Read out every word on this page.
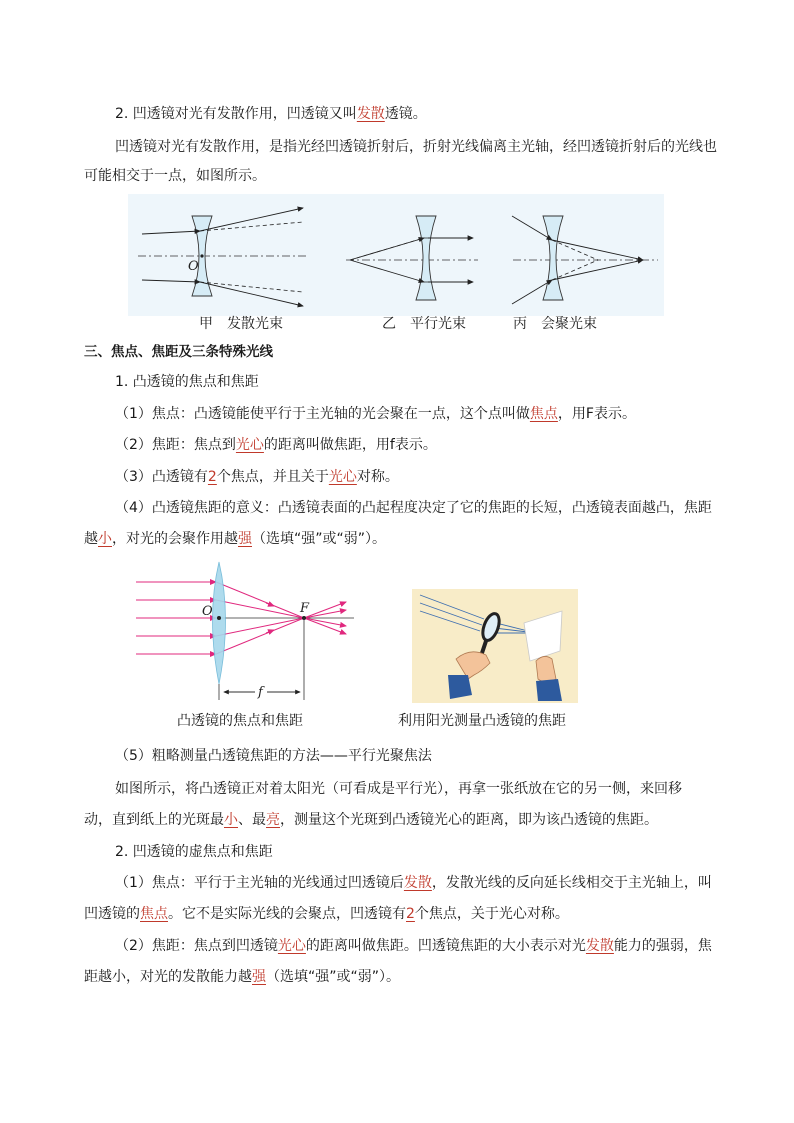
2. 凹透镜对光有发散作用，凹透镜又叫发散透镜。
凹透镜对光有发散作用，是指光经凹透镜折射后，折射光线偏离主光轴，经凹透镜折射后的光线也
可能相交于一点，如图所示。
O
甲　发散光束	乙　平行光束	丙　会聚光束
三、焦点、焦距及三条特殊光线
1. 凸透镜的焦点和焦距
（1）焦点：凸透镜能使平行于主光轴的光会聚在一点，这个点叫做焦点，用F表示。
（2）焦距：焦点到光心的距离叫做焦距，用f表示。
（3）凸透镜有2个焦点，并且关于光心对称。
（4）凸透镜焦距的意义：凸透镜表面的凸起程度决定了它的焦距的长短，凸透镜表面越凸，焦距
越小，对光的会聚作用越强（选填“强”或“弱”）。
O	F
f
凸透镜的焦点和焦距	利用阳光测量凸透镜的焦距
（5）粗略测量凸透镜焦距的方法——平行光聚焦法
如图所示，将凸透镜正对着太阳光（可看成是平行光），再拿一张纸放在它的另一侧，来回移
动，直到纸上的光斑最小、最亮，测量这个光斑到凸透镜光心的距离，即为该凸透镜的焦距。
2. 凹透镜的虚焦点和焦距
（1）焦点：平行于主光轴的光线通过凹透镜后发散，发散光线的反向延长线相交于主光轴上，叫
凹透镜的焦点。它不是实际光线的会聚点，凹透镜有2个焦点，关于光心对称。
（2）焦距：焦点到凹透镜光心的距离叫做焦距。凹透镜焦距的大小表示对光发散能力的强弱，焦
距越小，对光的发散能力越强（选填“强”或“弱”）。
